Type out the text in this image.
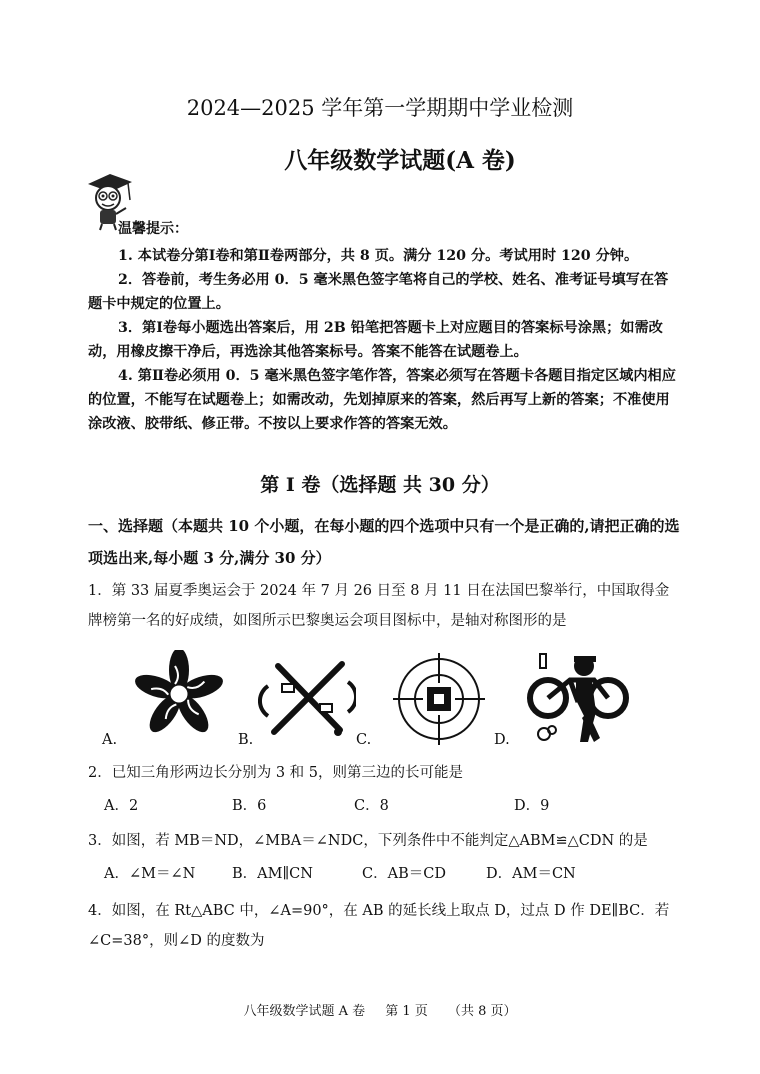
2024—2025 学年第一学期期中学业检测
八年级数学试题(A 卷)
温馨提示：

1. 本试卷分第Ⅰ卷和第Ⅱ卷两部分，共 8 页。满分 120 分。考试用时 120 分钟。

2．答卷前，考生务必用 0．5 毫米黑色签字笔将自己的学校、姓名、准考证号填写在答题卡中规定的位置上。

3．第Ⅰ卷每小题选出答案后，用 2B 铅笔把答题卡上对应题目的答案标号涂黑；如需改动，用橡皮擦干净后，再选涂其他答案标号。答案不能答在试题卷上。

4. 第Ⅱ卷必须用 0．5 毫米黑色签字笔作答，答案必须写在答题卡各题目指定区域内相应的位置，不能写在试题卷上；如需改动，先划掉原来的答案，然后再写上新的答案；不准使用涂改液、胶带纸、修正带。不按以上要求作答的答案无效。

第 I 卷（选择题 共 30 分）
一、选择题（本题共 10 个小题，在每小题的四个选项中只有一个是正确的,请把正确的选项选出来,每小题 3 分,满分 30 分）

1．第 33 届夏季奥运会于 2024 年 7 月 26 日至 8 月 11 日在法国巴黎举行，中国取得金牌榜第一名的好成绩，如图所示巴黎奥运会项目图标中，是轴对称图形的是

A.	B.	C.	D.

2．已知三角形两边长分别为 3 和 5，则第三边的长可能是

A．2	B．6	C．8	D．9

3．如图，若 MB＝ND，∠MBA＝∠NDC，下列条件中不能判定△ABM≌△CDN 的是

A．∠M＝∠N	B．AM∥CN	C．AB＝CD	D．AM＝CN

4．如图，在 Rt△ABC 中，∠A=90°，在 AB 的延长线上取点 D，过点 D 作 DE∥BC．若∠C=38°，则∠D 的度数为

八年级数学试题 A 卷 第 1 页 （共 8 页）
